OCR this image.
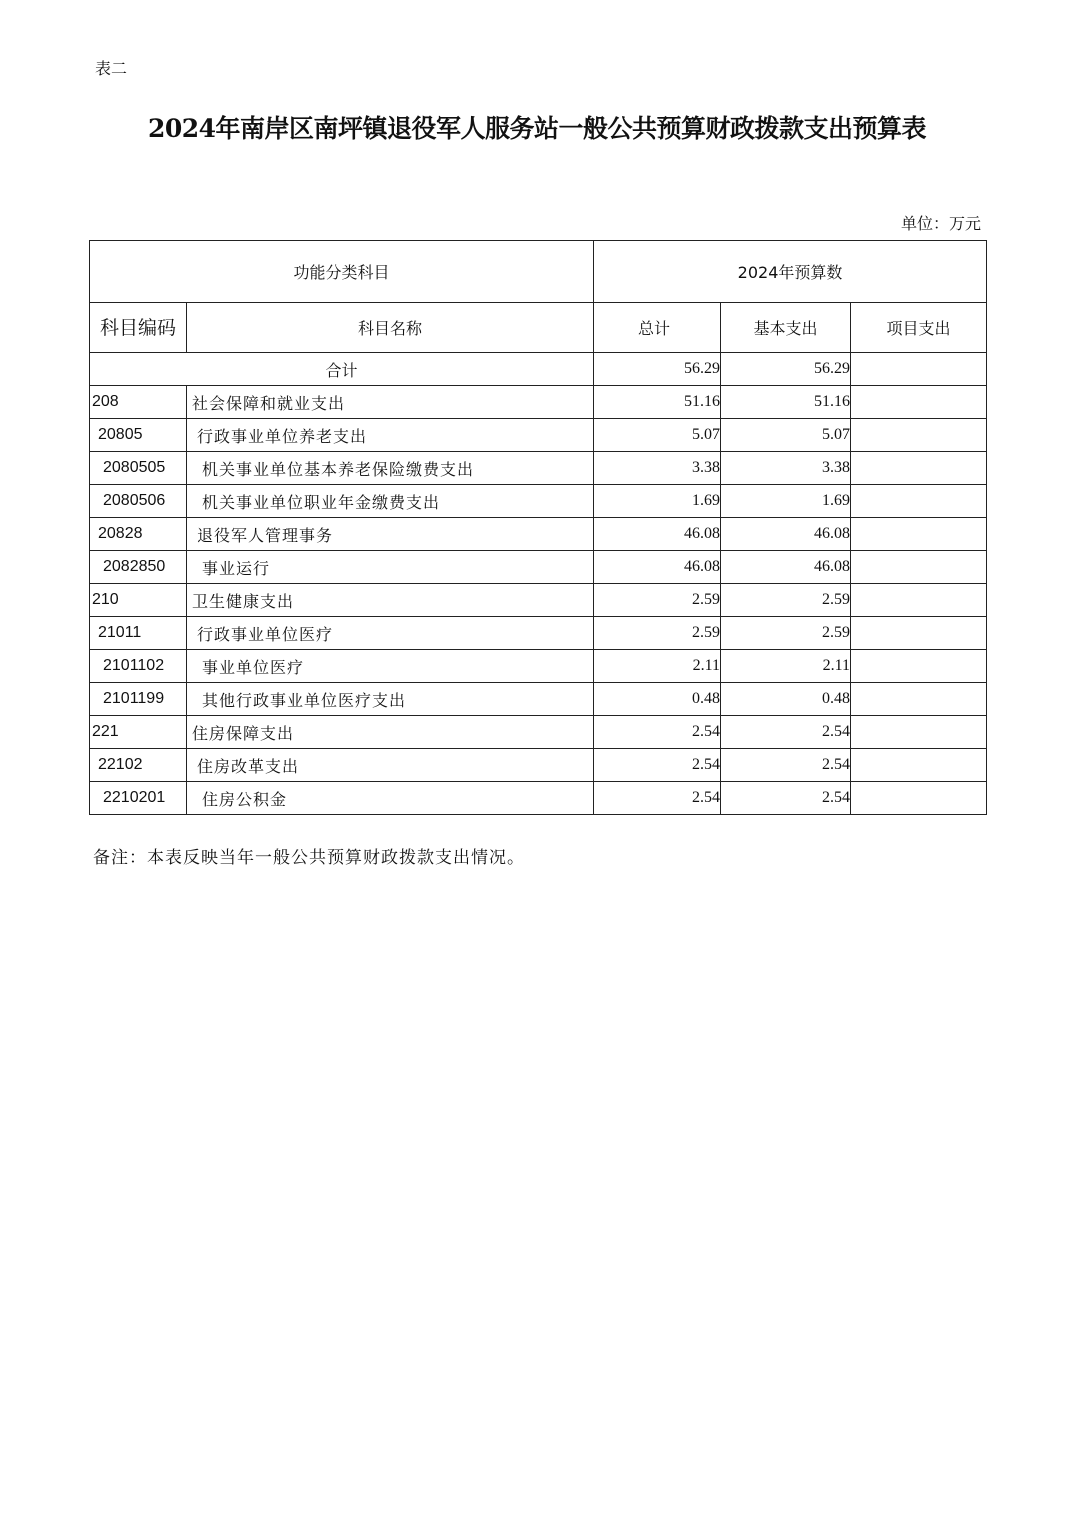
表二
2024年南岸区南坪镇退役军人服务站一般公共预算财政拨款支出预算表
单位：万元
功能分类科目		2024年预算数		
科目编码	科目名称	总计	基本支出	项目支出
合计		56.29	56.29	
208	社会保障和就业支出	51.16	51.16	
20805	行政事业单位养老支出	5.07	5.07	
2080505	机关事业单位基本养老保险缴费支出	3.38	3.38	
2080506	机关事业单位职业年金缴费支出	1.69	1.69	
20828	退役军人管理事务	46.08	46.08	
2082850	事业运行	46.08	46.08	
210	卫生健康支出	2.59	2.59	
21011	行政事业单位医疗	2.59	2.59	
2101102	事业单位医疗	2.11	2.11	
2101199	其他行政事业单位医疗支出	0.48	0.48	
221	住房保障支出	2.54	2.54	
22102	住房改革支出	2.54	2.54	
2210201	住房公积金	2.54	2.54	
备注：本表反映当年一般公共预算财政拨款支出情况。
